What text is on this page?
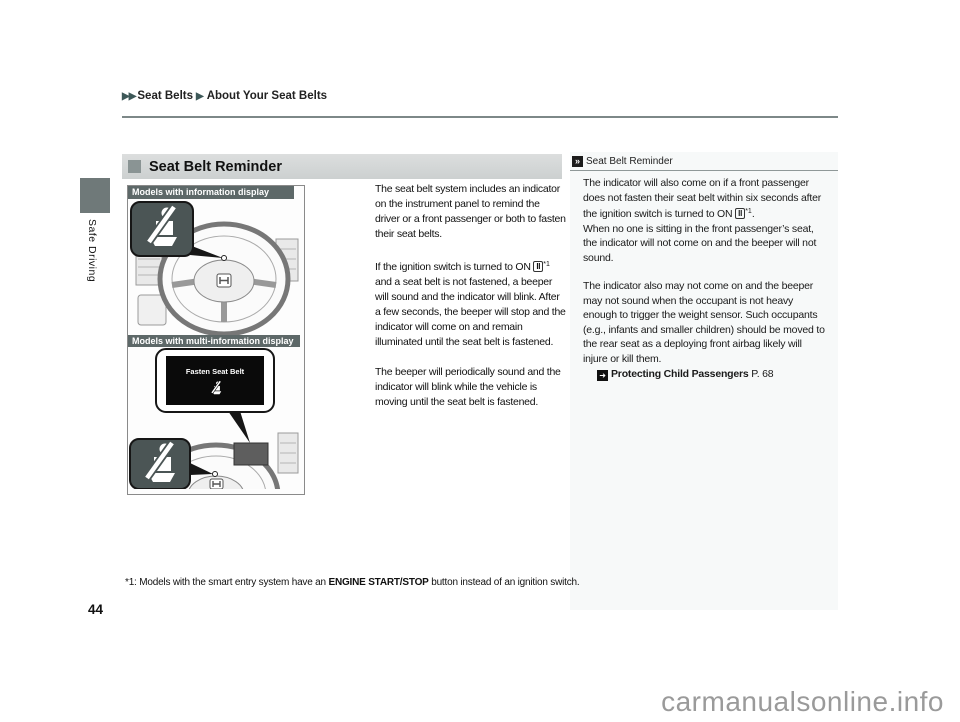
▶▶ Seat Belts ▶ About Your Seat Belts
Safe Driving
Seat Belt Reminder
Models with information display
Models with multi-information display
Fasten Seat Belt

The seat belt system includes an indicator on the instrument panel to remind the driver or a front passenger or both to fasten their seat belts.

If the ignition switch is turned to ON II $^{*1}$ and a seat belt is not fastened, a beeper will sound and the indicator will blink. After a few seconds, the beeper will stop and the indicator will come on and remain illuminated until the seat belt is fastened.

The beeper will periodically sound and the indicator will blink while the vehicle is moving until the seat belt is fastened.

» Seat Belt Reminder

The indicator will also come on if a front passenger does not fasten their seat belt within six seconds after the ignition switch is turned to ON II $^{*1}$.

When no one is sitting in the front passenger’s seat, the indicator will not come on and the beeper will not sound.

The indicator also may not come on and the beeper may not sound when the occupant is not heavy enough to trigger the weight sensor. Such occupants (e.g., infants and smaller children) should be moved to the rear seat as a deploying front airbag likely will injure or kill them.

➜ Protecting Child Passengers P. 68
*1: Models with the smart entry system have an ENGINE START/STOP button instead of an ignition switch.
44
carmanualsonline.info
